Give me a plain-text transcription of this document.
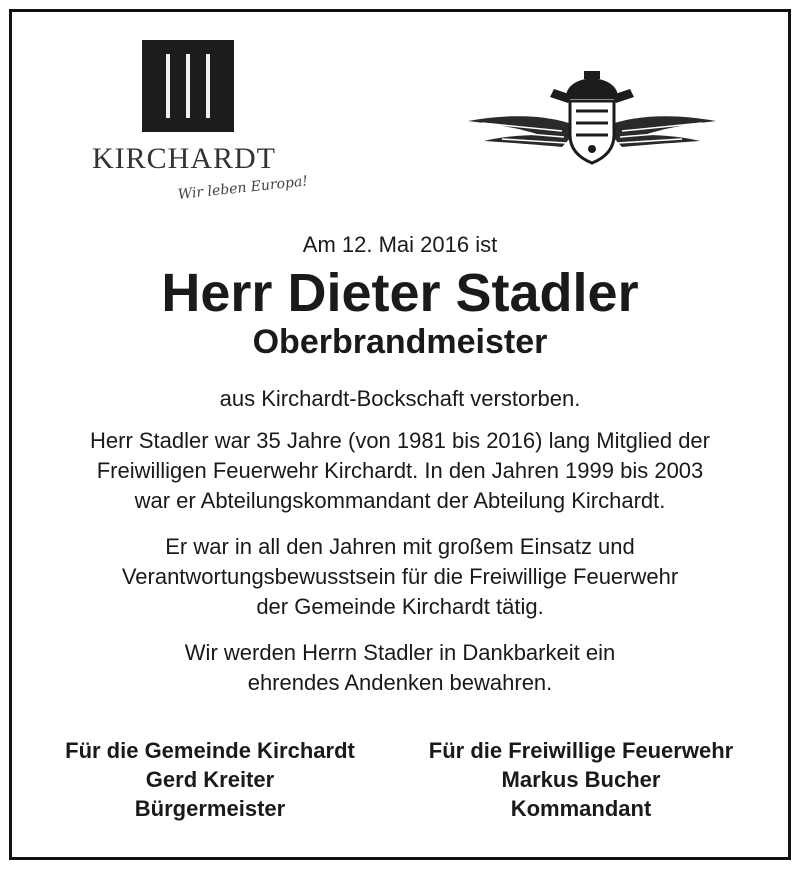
KIRCHARDT
Wir leben Europa!

Am 12. Mai 2016 ist

Herr Dieter Stadler

Oberbrandmeister

aus Kirchardt-Bockschaft verstorben.

Herr Stadler war 35 Jahre (von 1981 bis 2016) lang Mitglied der
Freiwilligen Feuerwehr Kirchardt. In den Jahren 1999 bis 2003
war er Abteilungskommandant der Abteilung Kirchardt.
Er war in all den Jahren mit großem Einsatz und
Verantwortungsbewusstsein für die Freiwillige Feuerwehr
der Gemeinde Kirchardt tätig.
Wir werden Herrn Stadler in Dankbarkeit ein
ehrendes Andenken bewahren.
Für die Gemeinde Kirchardt
Gerd Kreiter
Bürgermeister
Für die Freiwillige Feuerwehr
Markus Bucher
Kommandant
